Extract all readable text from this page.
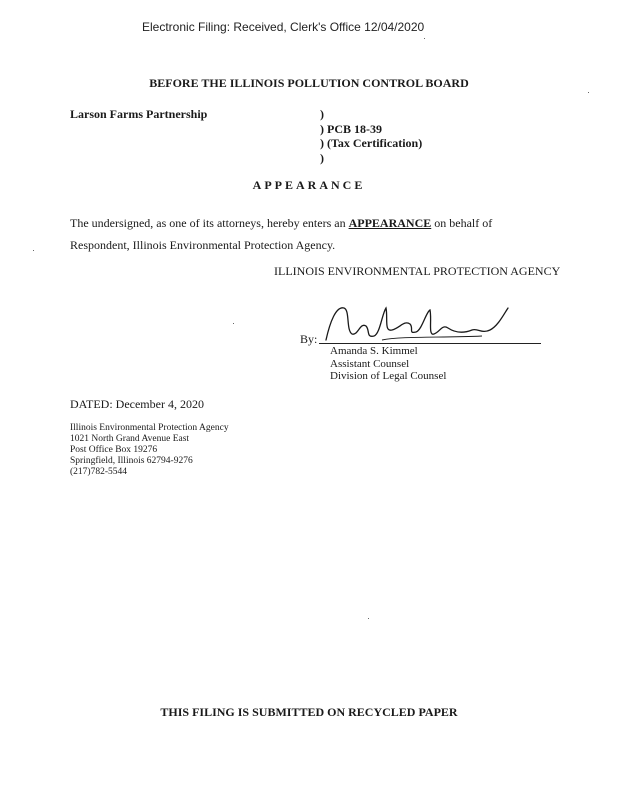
Electronic Filing: Received, Clerk's Office 12/04/2020
BEFORE THE ILLINOIS POLLUTION CONTROL BOARD
Larson Farms Partnership	)
) PCB 18-39
) (Tax Certification)
)
APPEARANCE
The undersigned, as one of its attorneys, hereby enters an APPEARANCE on behalf of Respondent, Illinois Environmental Protection Agency.
ILLINOIS ENVIRONMENTAL PROTECTION AGENCY
By:
Amanda S. Kimmel
Assistant Counsel
Division of Legal Counsel
DATED: December 4, 2020
Illinois Environmental Protection Agency
1021 North Grand Avenue East
Post Office Box 19276
Springfield, Illinois 62794-9276
(217)782-5544
THIS FILING IS SUBMITTED ON RECYCLED PAPER
